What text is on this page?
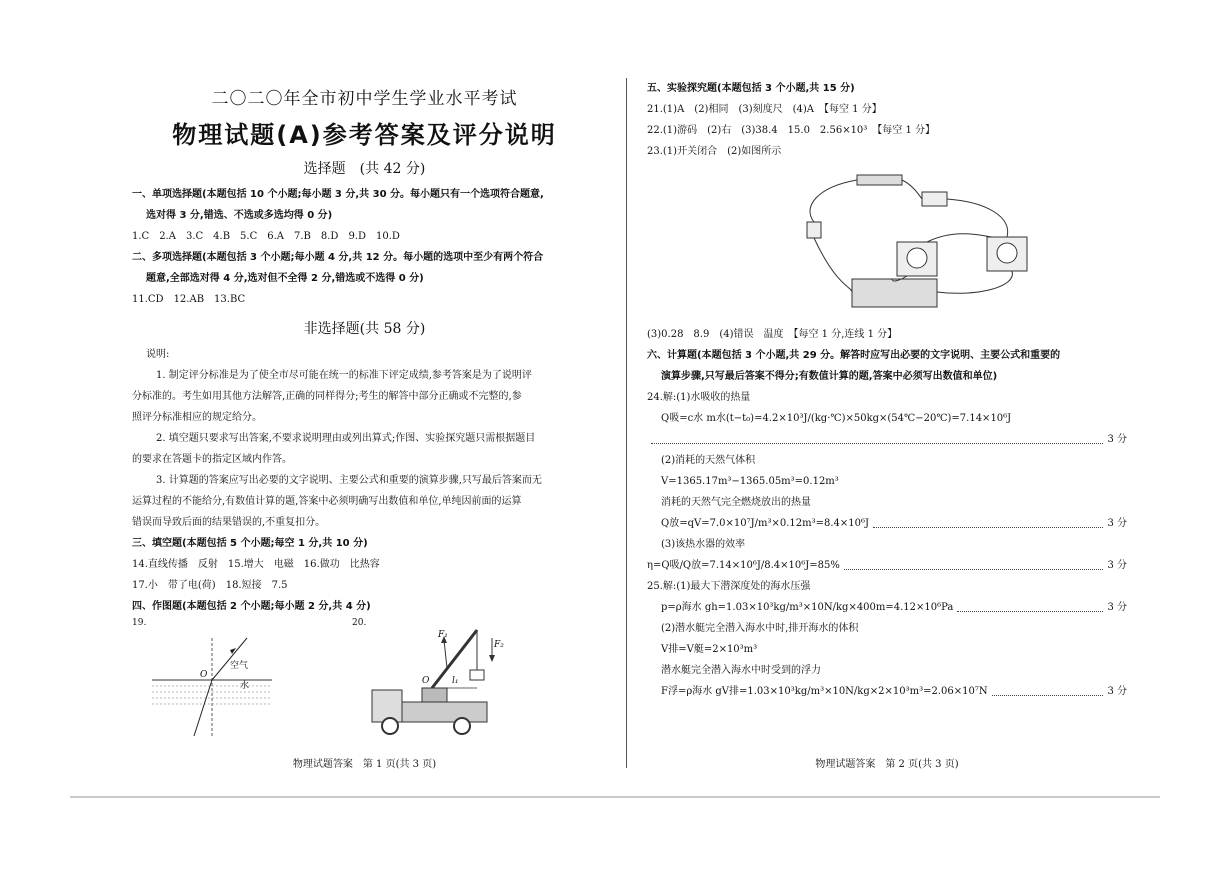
二〇二〇年全市初中学生学业水平考试
物理试题(A)参考答案及评分说明
选择题　(共 42 分)
一、单项选择题(本题包括 10 个小题;每小题 3 分,共 30 分。每小题只有一个选项符合题意,
选对得 3 分,错选、不选或多选均得 0 分)
1.C　2.A　3.C　4.B　5.C　6.A　7.B　8.D　9.D　10.D
二、多项选择题(本题包括 3 个小题;每小题 4 分,共 12 分。每小题的选项中至少有两个符合
题意,全部选对得 4 分,选对但不全得 2 分,错选或不选得 0 分)
11.CD　12.AB　13.BC
非选择题(共 58 分)
说明:
1. 制定评分标准是为了使全市尽可能在统一的标准下评定成绩,参考答案是为了说明评
分标准的。考生如用其他方法解答,正确的同样得分;考生的解答中部分正确或不完整的,参
照评分标准相应的规定给分。
2. 填空题只要求写出答案,不要求说明理由或列出算式;作图、实验探究题只需根据题目
的要求在答题卡的指定区域内作答。
3. 计算题的答案应写出必要的文字说明、主要公式和重要的演算步骤,只写最后答案而无
运算过程的不能给分,有数值计算的题,答案中必须明确写出数值和单位,单纯因前面的运算
错误而导致后面的结果错误的,不重复扣分。
三、填空题(本题包括 5 个小题;每空 1 分,共 10 分)
14.直线传播　反射　15.增大　电磁　16.做功　比热容
17.小　带了电(荷)　18.短接　7.5
四、作图题(本题包括 2 个小题;每小题 2 分,共 4 分)
19.
空气
水
O
20.
F₁
F₂
O	l₁
物理试题答案　第 1 页(共 3 页)
五、实验探究题(本题包括 3 个小题,共 15 分)
21.(1)A　(2)相同　(3)刻度尺　(4)A　【每空 1 分】
22.(1)游码　(2)右　(3)38.4　15.0　2.56×10³　【每空 1 分】
23.(1)开关闭合　(2)如图所示
(3)0.28　8.9　(4)错误　温度　【每空 1 分,连线 1 分】
六、计算题(本题包括 3 个小题,共 29 分。解答时应写出必要的文字说明、主要公式和重要的
演算步骤,只写最后答案不得分;有数值计算的题,答案中必须写出数值和单位)
24.解:(1)水吸收的热量
Q吸=c水 m水(t−t₀)=4.2×10³J/(kg·℃)×50kg×(54℃−20℃)=7.14×10⁶J
3 分
(2)消耗的天然气体积
V=1365.17m³−1365.05m³=0.12m³
消耗的天然气完全燃烧放出的热量
Q放=qV=7.0×10⁷J/m³×0.12m³=8.4×10⁶J	3 分
(3)该热水器的效率
η=Q吸/Q放=7.14×10⁶J/8.4×10⁶J=85%	3 分
25.解:(1)最大下潜深度处的海水压强
p=ρ海水 gh=1.03×10³kg/m³×10N/kg×400m=4.12×10⁶Pa	3 分
(2)潜水艇完全潜入海水中时,排开海水的体积
V排=V艇=2×10³m³
潜水艇完全潜入海水中时受到的浮力
F浮=ρ海水 gV排=1.03×10³kg/m³×10N/kg×2×10³m³=2.06×10⁷N	3 分
物理试题答案　第 2 页(共 3 页)
